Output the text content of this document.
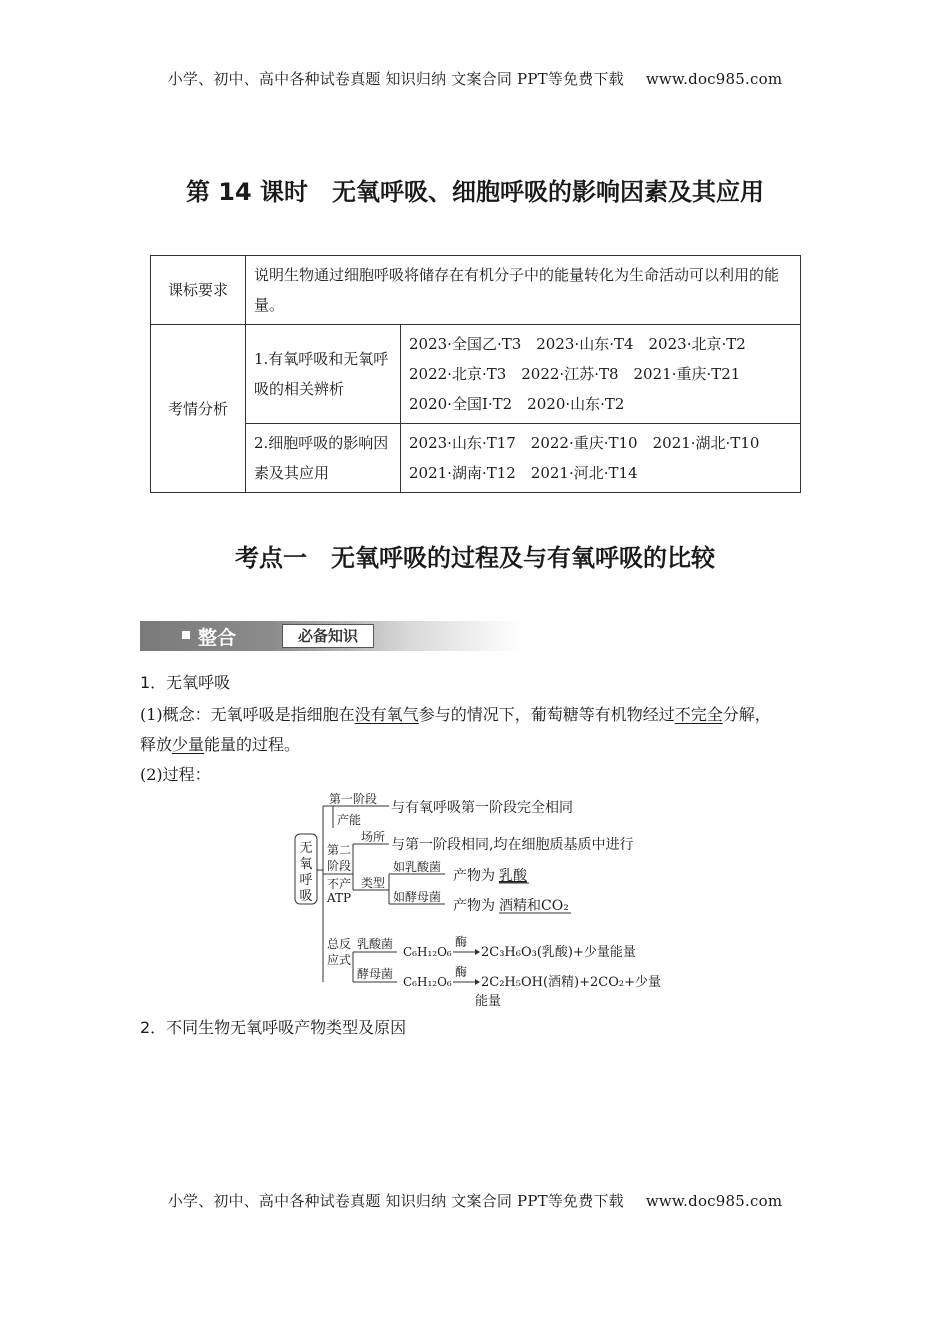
小学、初中、高中各种试卷真题 知识归纳 文案合同 PPT等免费下载 www.doc985.com
第 14 课时　无氧呼吸、细胞呼吸的影响因素及其应用
课标要求	说明生物通过细胞呼吸将储存在有机分子中的能量转化为生命活动可以利用的能量。	
考情分析	1.有氧呼吸和无氧呼吸的相关辨析	2023·全国乙·T3　2023·山东·T4　2023·北京·T2
2022·北京·T3　2022·江苏·T8　2021·重庆·T21
2020·全国Ⅰ·T2　2020·山东·T2

	2.细胞呼吸的影响因素及其应用	2023·山东·T17　2022·重庆·T10　2021·湖北·T10
2021·湖南·T12　2021·河北·T14
考点一　无氧呼吸的过程及与有氧呼吸的比较
整合	必备知识
1．无氧呼吸
(1)概念：无氧呼吸是指细胞在没有氧气参与的情况下，葡萄糖等有机物经过不完全分解，
释放少量能量的过程。
(2)过程：
无
氧
呼
吸
第一阶段
与有氧呼吸第一阶段完全相同
产能
第二
阶段
不产
ATP
场所 与第一阶段相同,均在细胞质基质中进行
类型
如乳酸菌
产物为 乳酸
如酵母菌
产物为 酒精和CO₂
总反
应式
乳酸菌
酵母菌
C₆H₁₂O₆
酶
2C₃H₆O₃(乳酸)+少量能量
C₆H₁₂O₆
酶
2C₂H₅OH(酒精)+2CO₂+少量
能量
2．不同生物无氧呼吸产物类型及原因
小学、初中、高中各种试卷真题 知识归纳 文案合同 PPT等免费下载 www.doc985.com
